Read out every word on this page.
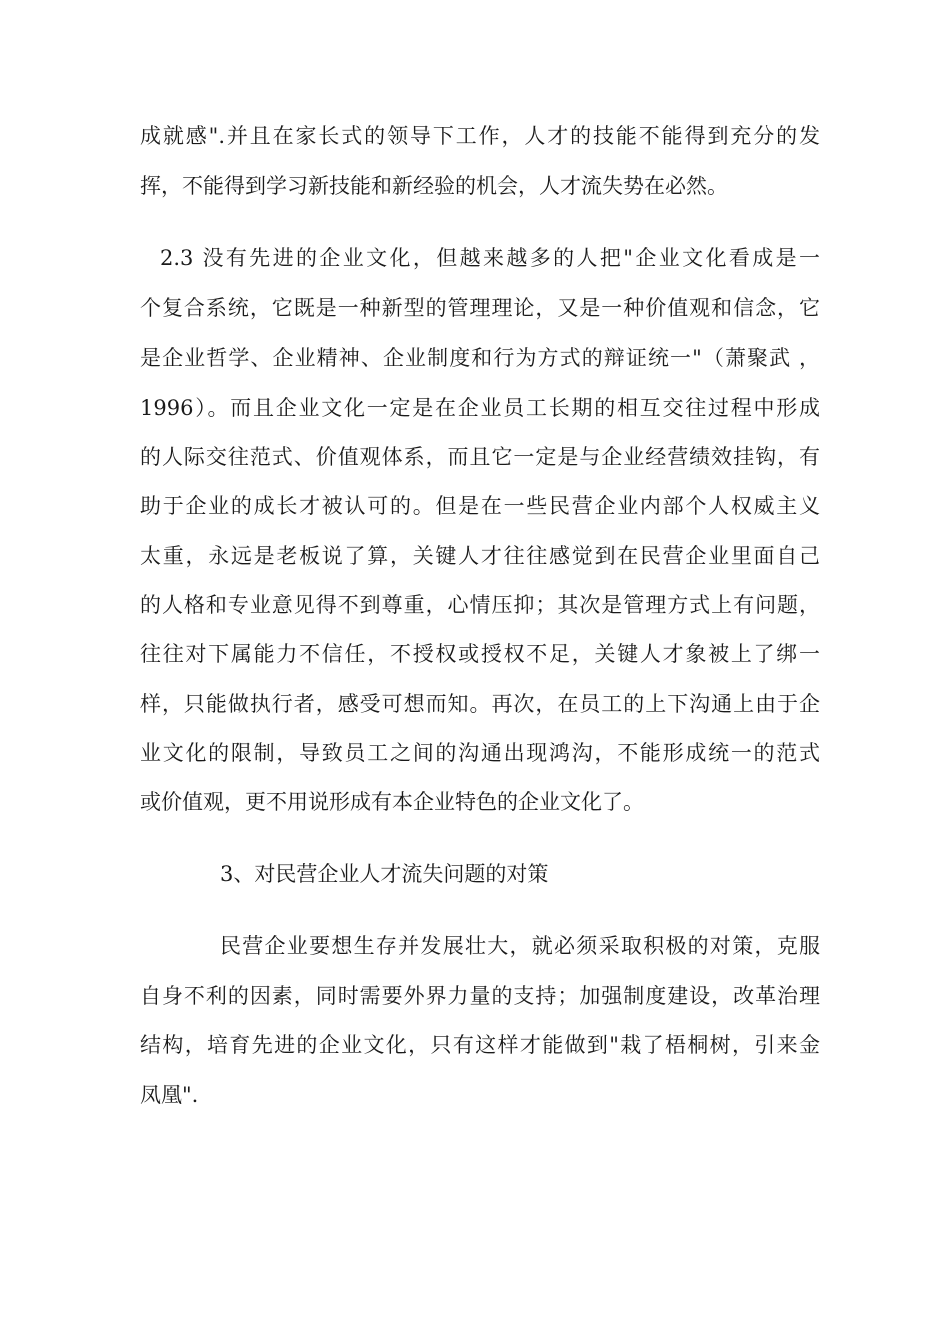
成就感".并且在家长式的领导下工作，人才的技能不能得到充分的发
挥，不能得到学习新技能和新经验的机会，人才流失势在必然。
2.3 没有先进的企业文化，但越来越多的人把"企业文化看成是一
个复合系统，它既是一种新型的管理理论，又是一种价值观和信念，它
是企业哲学、企业精神、企业制度和行为方式的辩证统一"（萧聚武 ，
1996）。而且企业文化一定是在企业员工长期的相互交往过程中形成
的人际交往范式、价值观体系，而且它一定是与企业经营绩效挂钩，有
助于企业的成长才被认可的。但是在一些民营企业内部个人权威主义
太重，永远是老板说了算，关键人才往往感觉到在民营企业里面自己
的人格和专业意见得不到尊重，心情压抑；其次是管理方式上有问题，
往往对下属能力不信任，不授权或授权不足，关键人才象被上了绑一
样，只能做执行者，感受可想而知。再次，在员工的上下沟通上由于企
业文化的限制，导致员工之间的沟通出现鸿沟，不能形成统一的范式
或价值观，更不用说形成有本企业特色的企业文化了。
3、对民营企业人才流失问题的对策
民营企业要想生存并发展壮大，就必须采取积极的对策，克服
自身不利的因素，同时需要外界力量的支持；加强制度建设，改革治理
结构，培育先进的企业文化，只有这样才能做到"栽了梧桐树，引来金
凤凰".
